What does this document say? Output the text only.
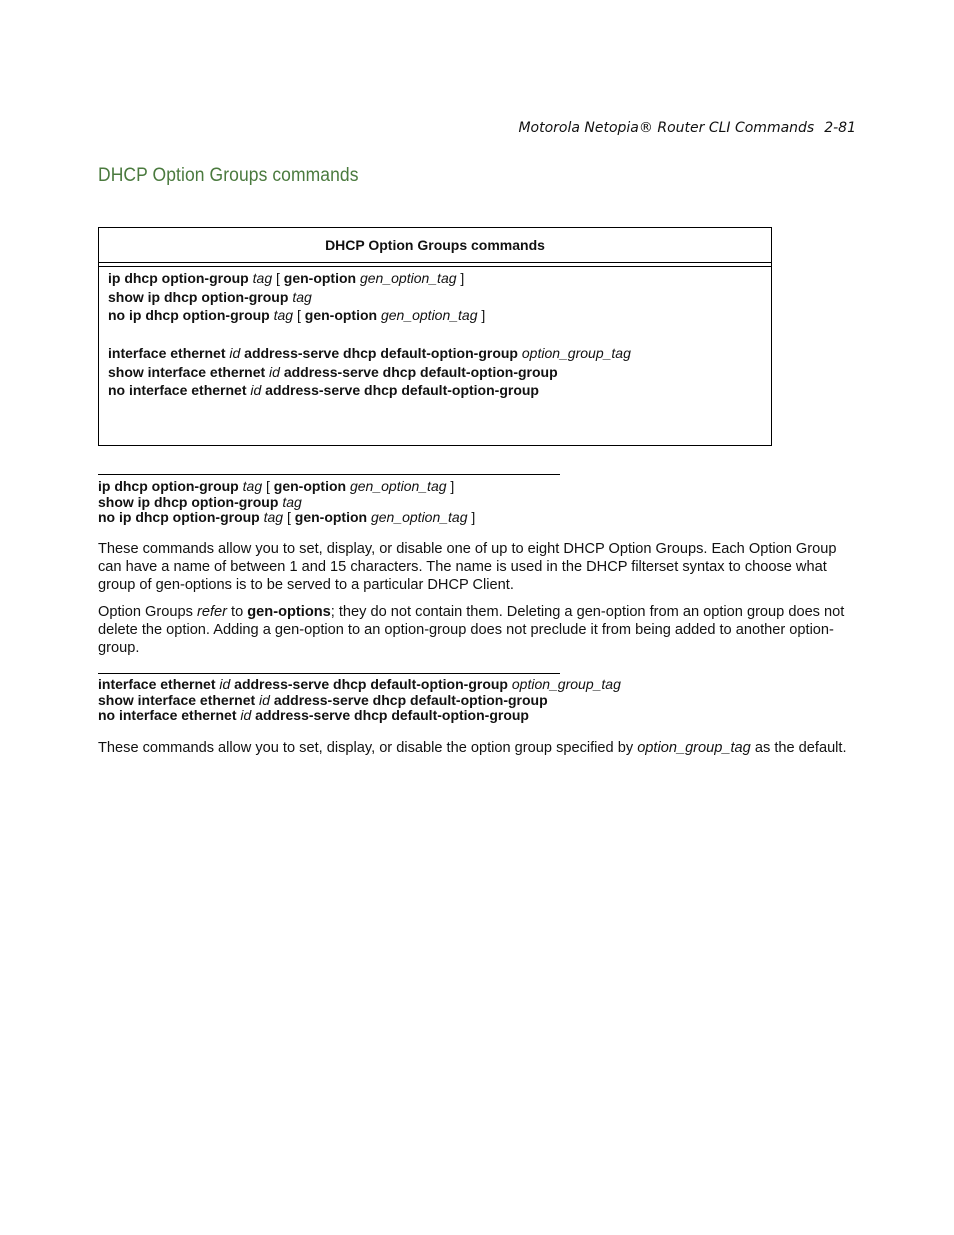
Motorola Netopia® Router CLI Commands 2-81
DHCP Option Groups commands
DHCP Option Groups commands
ip dhcp option-group tag [ gen-option gen_option_tag ]
show ip dhcp option-group tag
no ip dhcp option-group tag [ gen-option gen_option_tag ]
interface ethernet id address-serve dhcp default-option-group option_group_tag
show interface ethernet id address-serve dhcp default-option-group
no interface ethernet id address-serve dhcp default-option-group
ip dhcp option-group tag [ gen-option gen_option_tag ]
show ip dhcp option-group tag
no ip dhcp option-group tag [ gen-option gen_option_tag ]

These commands allow you to set, display, or disable one of up to eight DHCP Option Groups. Each Option Group can have a name of between 1 and 15 characters. The name is used in the DHCP filterset syntax to choose what group of gen-options is to be served to a particular DHCP Client.

Option Groups refer to gen-options; they do not contain them. Deleting a gen-option from an option group does not delete the option. Adding a gen-option to an option-group does not preclude it from being added to another option-group.

interface ethernet id address-serve dhcp default-option-group option_group_tag
show interface ethernet id address-serve dhcp default-option-group
no interface ethernet id address-serve dhcp default-option-group

These commands allow you to set, display, or disable the option group specified by option_group_tag as the default.
